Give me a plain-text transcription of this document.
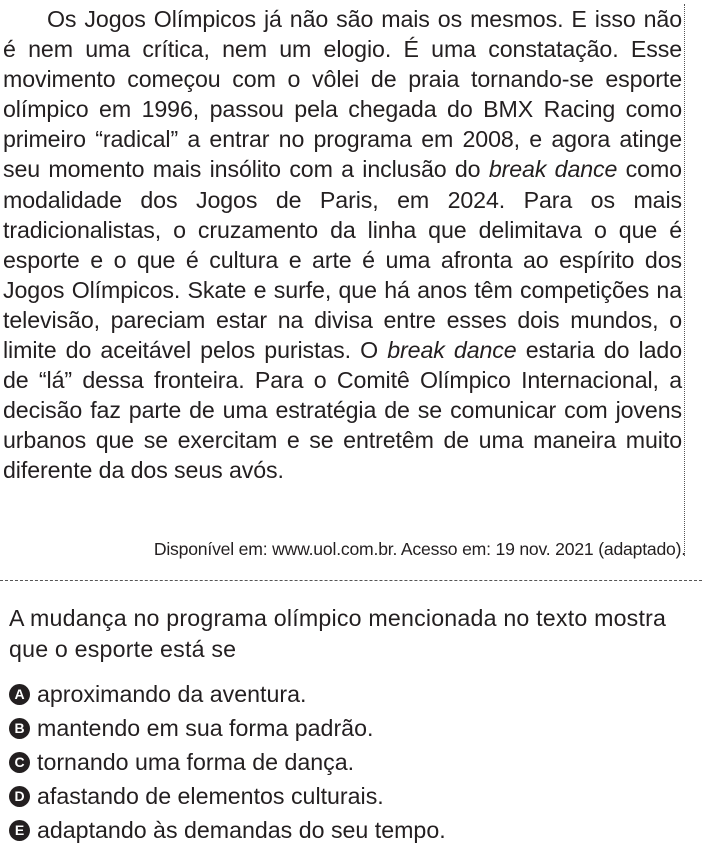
Os Jogos Olímpicos já não são mais os mesmos. E isso não é nem uma crítica, nem um elogio. É uma constatação. Esse movimento começou com o vôlei de praia tornando-se esporte olímpico em 1996, passou pela chegada do BMX Racing como primeiro “radical” a entrar no programa em 2008, e agora atinge seu momento mais insólito com a inclusão do break dance como modalidade dos Jogos de Paris, em 2024. Para os mais tradicionalistas, o cruzamento da linha que delimitava o que é esporte e o que é cultura e arte é uma afronta ao espírito dos Jogos Olímpicos. Skate e surfe, que há anos têm competições na televisão, pareciam estar na divisa entre esses dois mundos, o limite do aceitável pelos puristas. O break dance estaria do lado de “lá” dessa fronteira. Para o Comitê Olímpico Internacional, a decisão faz parte de uma estratégia de se comunicar com jovens urbanos que se exercitam e se entretêm de uma maneira muito diferente da dos seus avós.

Disponível em: www.uol.com.br. Acesso em: 19 nov. 2021 (adaptado).

A mudança no programa olímpico mencionada no texto mostra que o esporte está se

A aproximando da aventura.
B mantendo em sua forma padrão.
C tornando uma forma de dança.
D afastando de elementos culturais.
E adaptando às demandas do seu tempo.
